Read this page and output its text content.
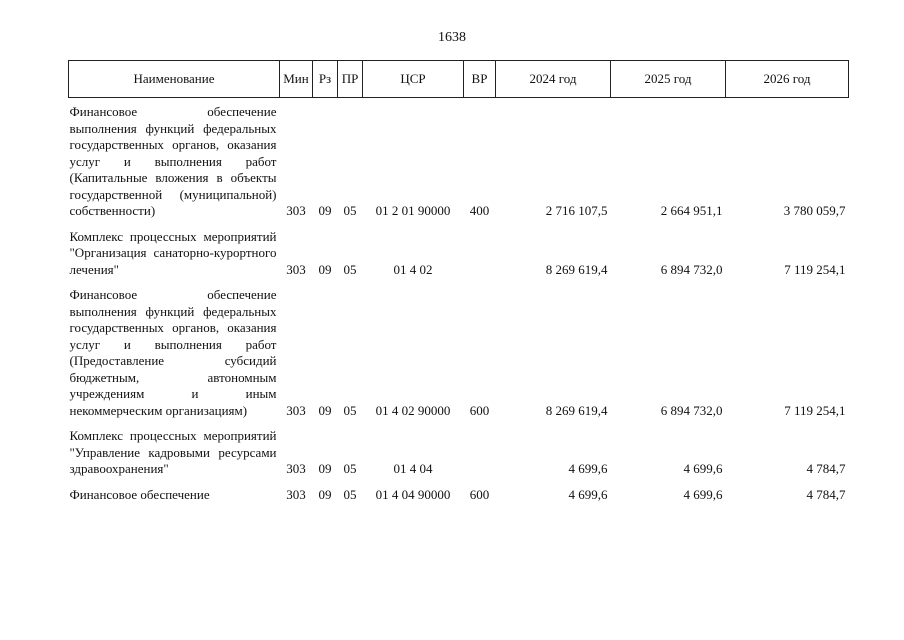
1638
Наименование	Мин	Рз	ПР	ЦСР	ВР	2024 год	2025 год	2026 год
Финансовое обеспечение выполнения функций федеральных государственных органов, оказания услуг и выполнения работ (Капитальные вложения в объекты государственной (муниципальной) собственности)	303	09	05	01 2 01 90000	400	2 716 107,5	2 664 951,1	3 780 059,7
Комплекс процессных мероприятий "Организация санаторно-курортного лечения"	303	09	05	01 4 02		8 269 619,4	6 894 732,0	7 119 254,1
Финансовое обеспечение выполнения функций федеральных государственных органов, оказания услуг и выполнения работ (Предоставление субсидий бюджетным, автономным учреждениям и иным некоммерческим организациям)	303	09	05	01 4 02 90000	600	8 269 619,4	6 894 732,0	7 119 254,1
Комплекс процессных мероприятий "Управление кадровыми ресурсами здравоохранения"	303	09	05	01 4 04		4 699,6	4 699,6	4 784,7
Финансовое обеспечение	303	09	05	01 4 04 90000	600	4 699,6	4 699,6	4 784,7
